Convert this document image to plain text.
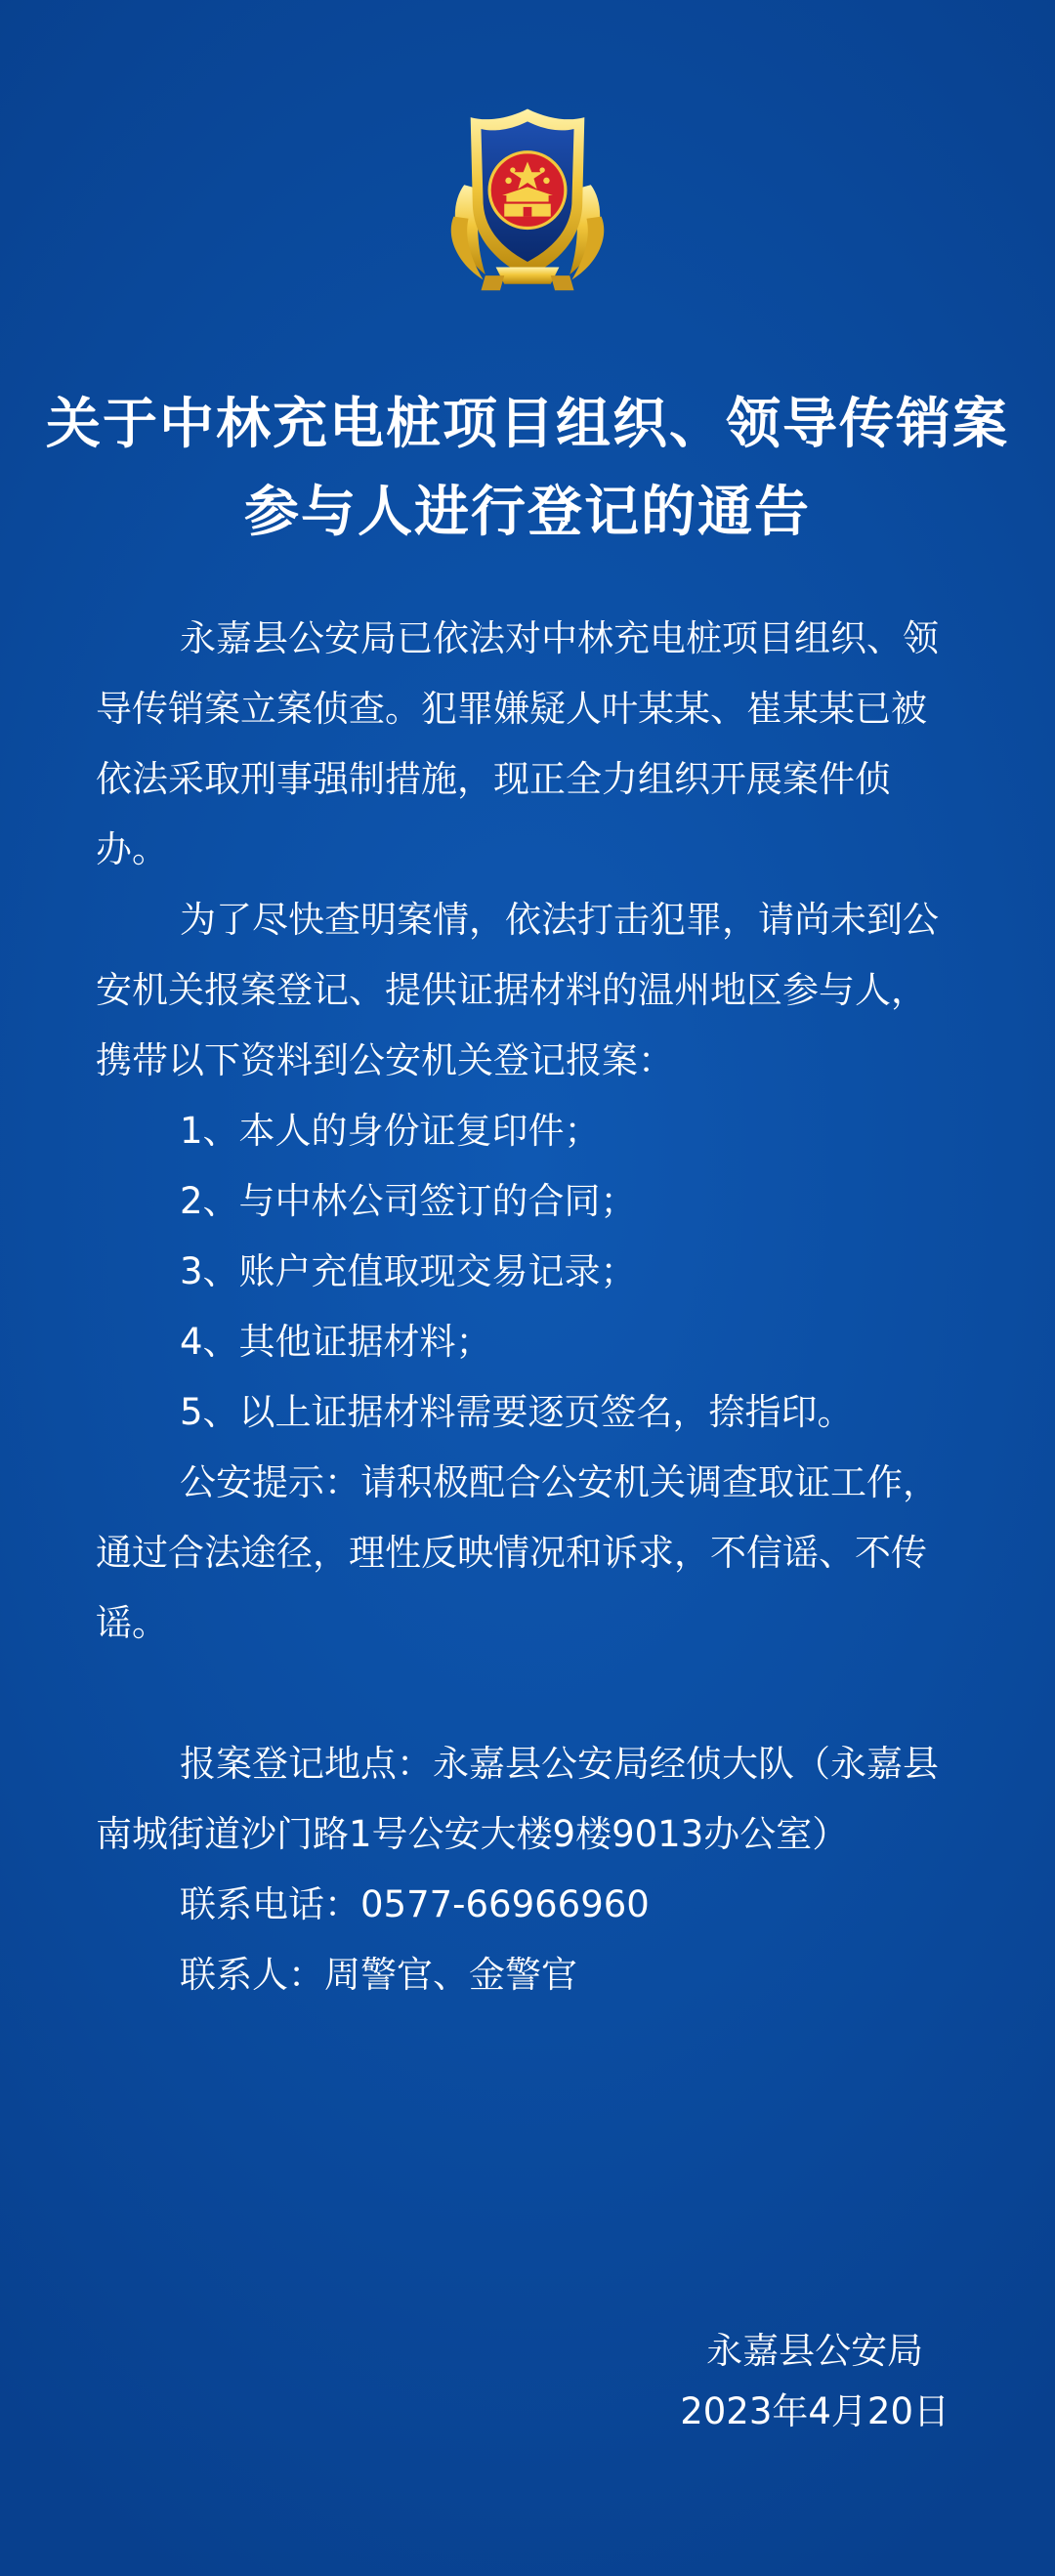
关于中林充电桩项目组织、领导传销案
参与人进行登记的通告

永嘉县公安局已依法对中林充电桩项目组织、领导传销案立案侦查。犯罪嫌疑人叶某某、崔某某已被依法采取刑事强制措施，现正全力组织开展案件侦办。

为了尽快查明案情，依法打击犯罪，请尚未到公安机关报案登记、提供证据材料的温州地区参与人，携带以下资料到公安机关登记报案：

1、本人的身份证复印件；

2、与中林公司签订的合同；

3、账户充值取现交易记录；

4、其他证据材料；

5、以上证据材料需要逐页签名，捺指印。

公安提示：请积极配合公安机关调查取证工作，通过合法途径，理性反映情况和诉求，不信谣、不传谣。

报案登记地点：永嘉县公安局经侦大队（永嘉县南城街道沙门路1号公安大楼9楼9013办公室）

联系电话：0577-66966960

联系人：周警官、金警官

永嘉县公安局
2023年4月20日
